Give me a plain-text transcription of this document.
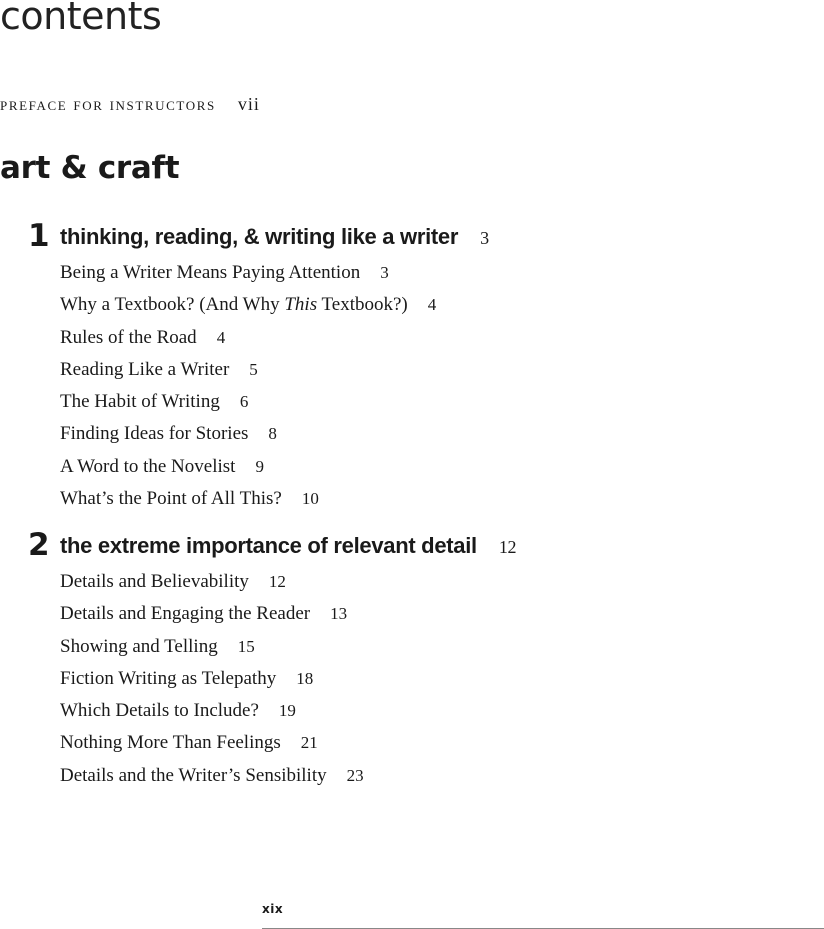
contents
preface for instructors vii
art & craft
1 thinking, reading, & writing like a writer 3
Being a Writer Means Paying Attention 3
Why a Textbook? (And Why This Textbook?) 4
Rules of the Road 4
Reading Like a Writer 5
The Habit of Writing 6
Finding Ideas for Stories 8
A Word to the Novelist 9
What’s the Point of All This? 10
2 the extreme importance of relevant detail 12
Details and Believability 12
Details and Engaging the Reader 13
Showing and Telling 15
Fiction Writing as Telepathy 18
Which Details to Include? 19
Nothing More Than Feelings 21
Details and the Writer’s Sensibility 23
xix
